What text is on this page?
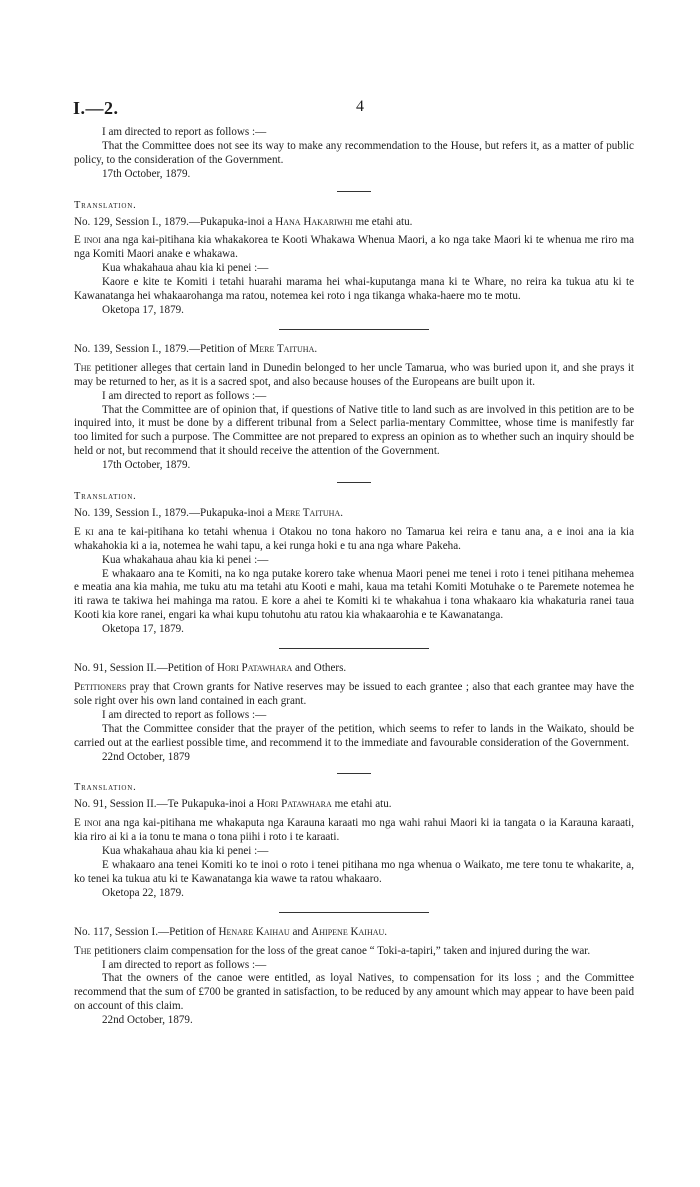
I.—2.	4

I am directed to report as follows :—

That the Committee does not see its way to make any recommendation to the House, but refers it, as a matter of public policy, to the consideration of the Government.

17th October, 1879.

Translation.

No. 129, Session I., 1879.—Pukapuka-inoi a Hana Hakariwhi me etahi atu.

E inoi ana nga kai-pitihana kia whakakorea te Kooti Whakawa Whenua Maori, a ko nga take Maori ki te whenua me riro ma nga Komiti Maori anake e whakawa.

Kua whakahaua ahau kia ki penei :—

Kaore e kite te Komiti i tetahi huarahi marama hei whai-kuputanga mana ki te Whare, no reira ka tukua atu ki te Kawanatanga hei whakaarohanga ma ratou, notemea kei roto i nga tikanga whaka-haere mo te motu.

Oketopa 17, 1879.

No. 139, Session I., 1879.—Petition of Mere Taituha.

The petitioner alleges that certain land in Dunedin belonged to her uncle Tamarua, who was buried upon it, and she prays it may be returned to her, as it is a sacred spot, and also because houses of the Europeans are built upon it.

I am directed to report as follows :—

That the Committee are of opinion that, if questions of Native title to land such as are involved in this petition are to be inquired into, it must be done by a different tribunal from a Select parlia-mentary Committee, whose time is manifestly far too limited for such a purpose. The Committee are not prepared to express an opinion as to whether such an inquiry should be held or not, but recommend that it should receive the attention of the Government.

17th October, 1879.

Translation.

No. 139, Session I., 1879.—Pukapuka-inoi a Mere Taituha.

E ki ana te kai-pitihana ko tetahi whenua i Otakou no tona hakoro no Tamarua kei reira e tanu ana, a e inoi ana ia kia whakahokia ki a ia, notemea he wahi tapu, a kei runga hoki e tu ana nga whare Pakeha.

Kua whakahaua ahau kia ki penei :—

E whakaaro ana te Komiti, na ko nga putake korero take whenua Maori penei me tenei i roto i tenei pitihana mehemea e meatia ana kia mahia, me tuku atu ma tetahi atu Kooti e mahi, kaua ma tetahi Komiti Motuhake o te Paremete notemea he iti rawa te takiwa hei mahinga ma ratou. E kore a ahei te Komiti ki te whakahua i tona whakaaro kia whakaturia ranei taua Kooti kia kore ranei, engari ka whai kupu tohutohu atu ratou kia whakaarohia e te Kawanatanga.

Oketopa 17, 1879.

No. 91, Session II.—Petition of Hori Patawhara and Others.

Petitioners pray that Crown grants for Native reserves may be issued to each grantee ; also that each grantee may have the sole right over his own land contained in each grant.

I am directed to report as follows :—

That the Committee consider that the prayer of the petition, which seems to refer to lands in the Waikato, should be carried out at the earliest possible time, and recommend it to the immediate and favourable consideration of the Government.

22nd October, 1879

Translation.

No. 91, Session II.—Te Pukapuka-inoi a Hori Patawhara me etahi atu.

E inoi ana nga kai-pitihana me whakaputa nga Karauna karaati mo nga wahi rahui Maori ki ia tangata o ia Karauna karaati, kia riro ai ki a ia tonu te mana o tona piihi i roto i te karaati.

Kua whakahaua ahau kia ki penei :—

E whakaaro ana tenei Komiti ko te inoi o roto i tenei pitihana mo nga whenua o Waikato, me tere tonu te whakarite, a, ko tenei ka tukua atu ki te Kawanatanga kia wawe ta ratou whakaaro.

Oketopa 22, 1879.

No. 117, Session I.—Petition of Henare Kaihau and Ahipene Kaihau.

The petitioners claim compensation for the loss of the great canoe “ Toki-a-tapiri,” taken and injured during the war.

I am directed to report as follows :—

That the owners of the canoe were entitled, as loyal Natives, to compensation for its loss ; and the Committee recommend that the sum of £700 be granted in satisfaction, to be reduced by any amount which may appear to have been paid on account of this claim.

22nd October, 1879.
